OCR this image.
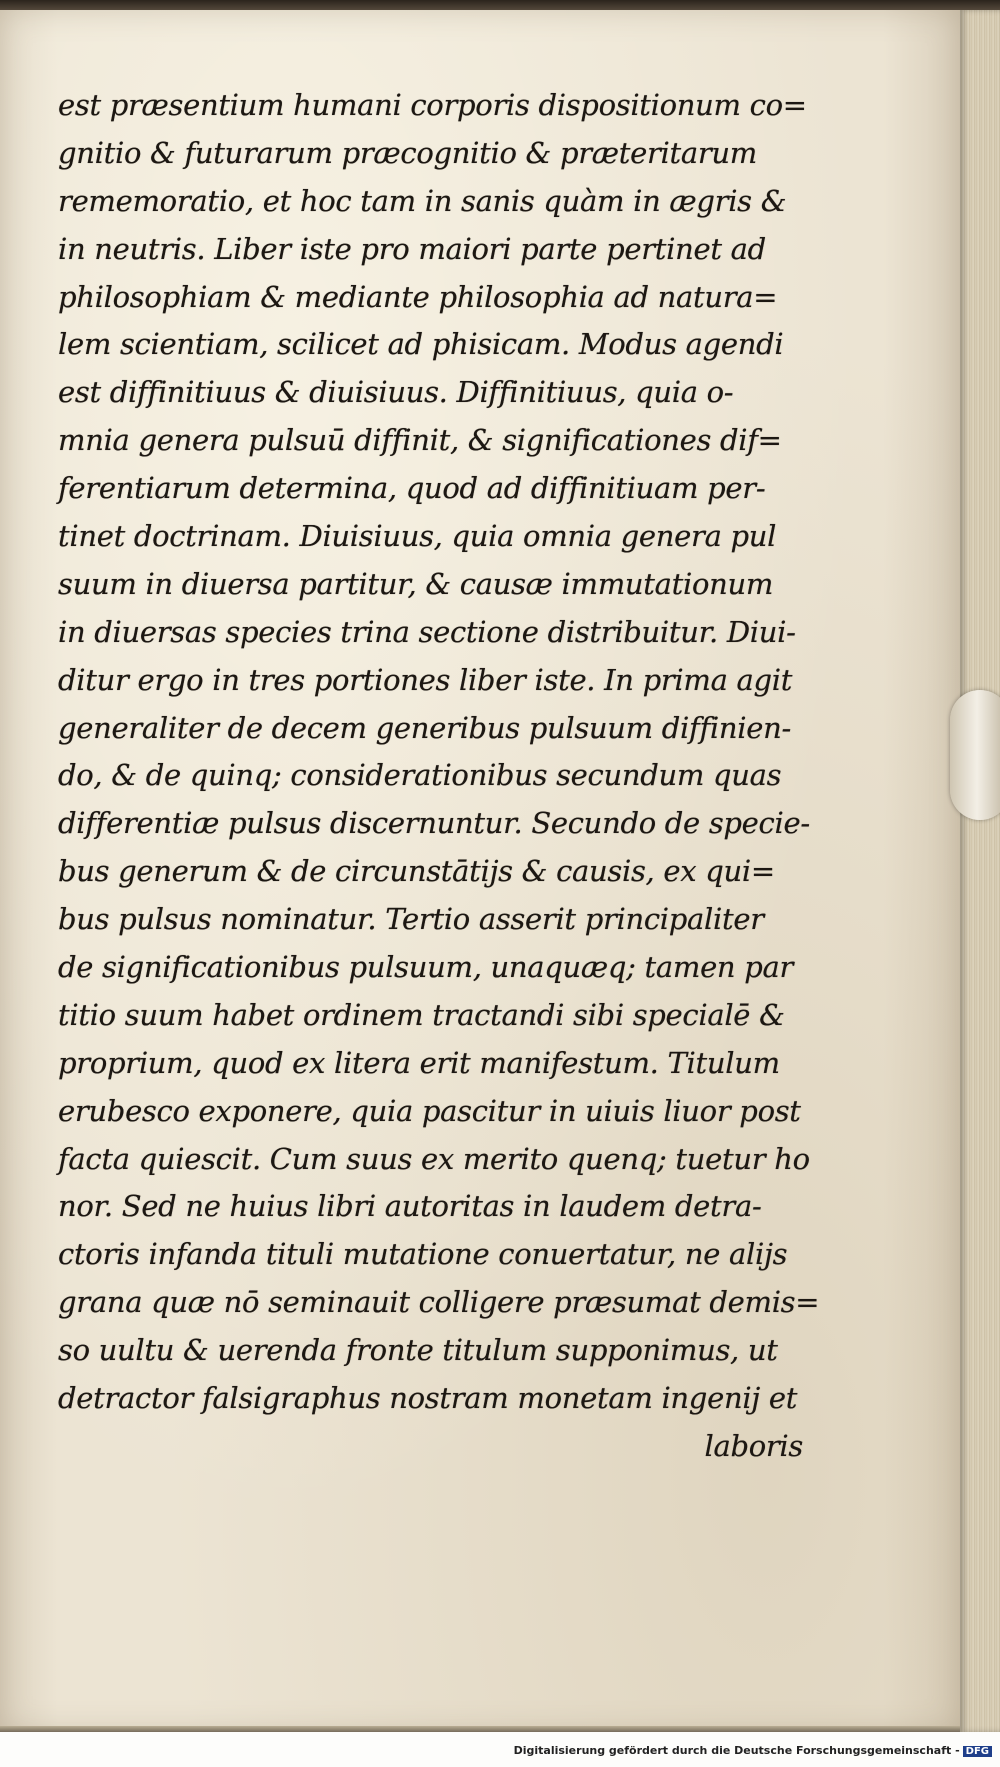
est præsentium humani corporis dispositionum co=
gnitio & futurarum præcognitio & præteritarum
rememoratio, et hoc tam in sanis quàm in ægris &
in neutris. Liber iste pro maiori parte pertinet ad
philosophiam & mediante philosophia ad natura=
lem scientiam, scilicet ad phisicam. Modus agendi
est diffinitiuus & diuisiuus. Diffinitiuus, quia o-
mnia genera pulsuū diffinit, & significationes dif=
ferentiarum determina, quod ad diffinitiuam per-
tinet doctrinam. Diuisiuus, quia omnia genera pul
suum in diuersa partitur, & causæ immutationum
in diuersas species trina sectione distribuitur. Diui-
ditur ergo in tres portiones liber iste. In prima agit
generaliter de decem generibus pulsuum diffinien-
do, & de quinq; considerationibus secundum quas
differentiæ pulsus discernuntur. Secundo de specie-
bus generum & de circunstātijs & causis, ex qui=
bus pulsus nominatur. Tertio asserit principaliter
de significationibus pulsuum, unaquæq; tamen par
titio suum habet ordinem tractandi sibi specialē &
proprium, quod ex litera erit manifestum. Titulum
erubesco exponere, quia pascitur in uiuis liuor post
facta quiescit. Cum suus ex merito quenq; tuetur ho
nor. Sed ne huius libri autoritas in laudem detra-
ctoris infanda tituli mutatione conuertatur, ne alijs
grana quæ nō seminauit colligere præsumat demis=
so uultu & uerenda fronte titulum supponimus, ut
detractor falsigraphus nostram monetam ingenij et
laboris
Digitalisierung gefördert durch die Deutsche Forschungsgemeinschaft - DFG
